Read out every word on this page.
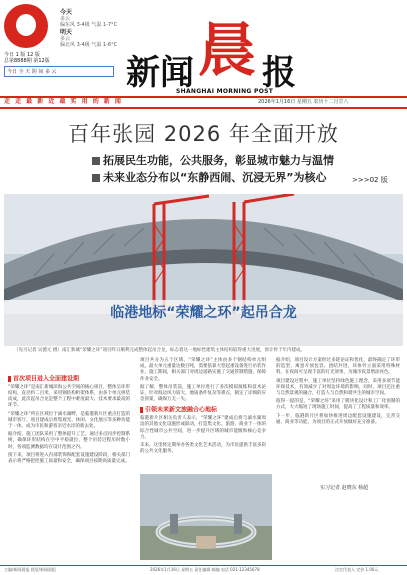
今天
多云
偏东风 3-4级 气温 1-7°C
明天
多云
偏北风 3-4级 气温 1-6°C
今日 1 版 12 版
总第8888期 第12版
今日 全 天 阴 间 多 云	新闻 晨 报
SHANGHAI MORNING POST
走 走 最 新 近 最 实 用 的 新 闻	2026年1月16日 星期五 农历十二月廿八
百年张园 2026 年全面开放
拓展民生功能，公共服务，彰显城市魅力与温情
未来业态分布以“东静西闹、沉浸无界”为核心	>>>02 版
临港地标“荣耀之环”起吊合龙
（见习记者 吴德元 摄）南汇新城“荣耀之环”项目昨日顺利完成整体起吊合龙，标志着这一地标性建筑主体结构取得重大进展，预计将于年内建成。
首次项目进入全面建设期

“荣耀之环”是南汇新城滨海公共空间的核心项目，整体呈环形结构，直径约二百米，采用钢结构桁架体系，由多个单元拼装而成，此次起吊合龙是整个工程中难度最大、技术要求最高的环节。

“荣耀之环”所在区域位于滴水湖畔，是临港新片区重点打造的城市客厅，项目建成后将集观光、休闲、文化展示等多种功能于一体，成为市民和游客亲近水岸的新去处。

据介绍，施工团队采用了整体提升工艺，通过多点同步控制系统，确保环形结构在空中平稳就位，整个吊装过程历时数小时，各项监测数据均在设计范围之内。

接下来，项目将进入内部装饰和配套设施建设阶段，相关部门表示将严格把控施工质量和安全，确保项目按期高质量完成。

项目共分为五个区域，“荣耀之环”主体由多个钢结构单元组成，最大单元重量达数百吨，需要依靠大型起重设备进行吊装作业，施工期间，相关部门对周边道路实施了交通管制措施，保障作业安全。

据了解，整体吊装前，施工单位进行了多次模拟演练和技术论证，针对海边风力较大、地质条件复杂等难点，制定了详细的应急预案，确保万无一失。

引领未来新文旅融合心地标

临港新片区相关负责人表示，“荣耀之环”建成后将与滴水湖周边的其他文化设施形成联动，打造集文化、旅游、商业于一体的综合性城市公共空间，进一步提升区域的城市能级和核心竞争力。

未来，这里将定期举办各类文化艺术活动，为市民提供丰富多彩的公共文化服务。

据介绍，项目设计方案经过多轮论证和优化，最终确定了环形的造型，寓意开放包容、团结共进，环体外立面采用特殊材料，在夜间可呈现丰富的灯光效果，为城市夜景增添亮色。

项目建设过程中，施工单位坚持绿色施工理念，采用多项节能环保技术，有效减少了对周边环境的影响，同时，项目还注重与自然景观的融合，打造人与自然和谐共生的城市空间。

值得一提的是，“荣耀之环”采用了模块化设计和工厂化预制的方式，大大缩短了现场施工时间，提高了工程质量和效率。

下一步，临港新片区将加快推进周边配套设施建设，完善交通、商业等功能，为项目的正式开放做好充分准备。

实习记者 赵晓东 杨超
主编/新闻晨报 视觉/新闻晨报	2026年1月16日 星期五 责任编辑 邮编 电话 021-12345678	法定代表人 定价 1.00元
